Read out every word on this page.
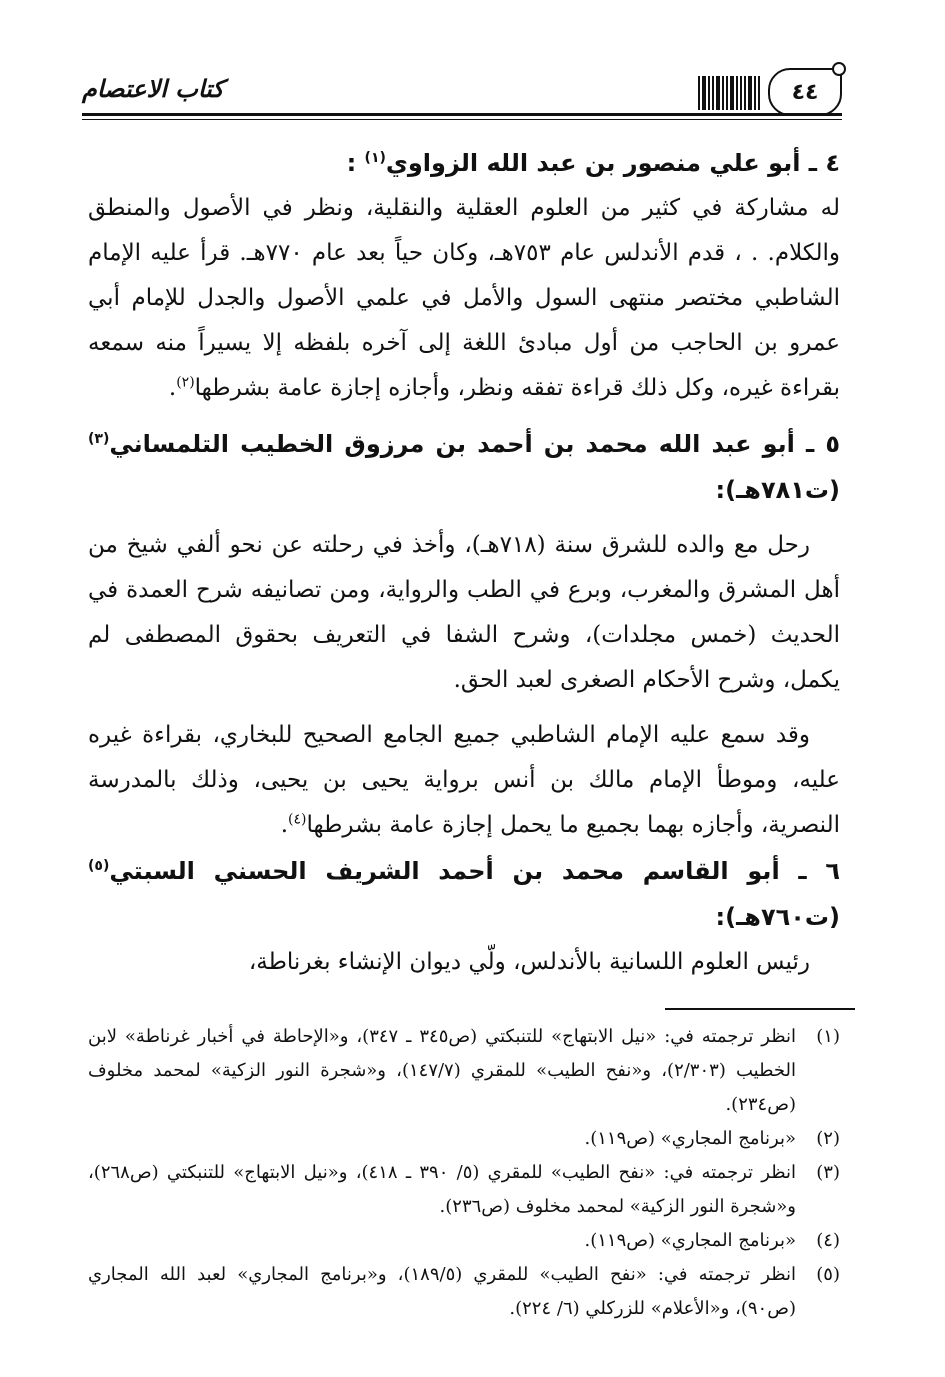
٤٤
كتاب الاعتصام

٤ ـ أبو علي منصور بن عبد الله الزواوي$^{(١)}$ :

له مشاركة في كثير من العلوم العقلية والنقلية، ونظر في الأصول والمنطق والكلام. . ، قدم الأندلس عام ٧٥٣هـ، وكان حياً بعد عام ٧٧٠هـ. قرأ عليه الإمام الشاطبي مختصر منتهى السول والأمل في علمي الأصول والجدل للإمام أبي عمرو بن الحاجب من أول مبادئ اللغة إلى آخره بلفظه إلا يسيراً منه سمعه بقراءة غيره، وكل ذلك قراءة تفقه ونظر، وأجازه إجازة عامة بشرطها$^{(٢)}$.

٥ ـ أبو عبد الله محمد بن أحمد بن مرزوق الخطيب التلمساني$^{(٣)}$ (ت٧٨١هـ):

رحل مع والده للشرق سنة (٧١٨هـ)، وأخذ في رحلته عن نحو ألفي شيخ من أهل المشرق والمغرب، وبرع في الطب والرواية، ومن تصانيفه شرح العمدة في الحديث (خمس مجلدات)، وشرح الشفا في التعريف بحقوق المصطفى لم يكمل، وشرح الأحكام الصغرى لعبد الحق.

وقد سمع عليه الإمام الشاطبي جميع الجامع الصحيح للبخاري، بقراءة غيره عليه، وموطأ الإمام مالك بن أنس برواية يحيى بن يحيى، وذلك بالمدرسة النصرية، وأجازه بهما بجميع ما يحمل إجازة عامة بشرطها$^{(٤)}$.

٦ ـ أبو القاسم محمد بن أحمد الشريف الحسني السبتي$^{(٥)}$ (ت٧٦٠هـ):

رئيس العلوم اللسانية بالأندلس، ولّي ديوان الإنشاء بغرناطة،

(١)
انظر ترجمته في: «نيل الابتهاج» للتنبكتي (ص٣٤٥ ـ ٣٤٧)، و«الإحاطة في أخبار غرناطة» لابن الخطيب (٢/٣٠٣)، و«نفح الطيب» للمقري (١٤٧/٧)، و«شجرة النور الزكية» لمحمد مخلوف (ص٢٣٤).
(٢)
«برنامج المجاري» (ص١١٩).
(٣)
انظر ترجمته في: «نفح الطيب» للمقري (٥/ ٣٩٠ ـ ٤١٨)، و«نيل الابتهاج» للتنبكتي (ص٢٦٨)، و«شجرة النور الزكية» لمحمد مخلوف (ص٢٣٦).
(٤)
«برنامج المجاري» (ص١١٩).
(٥)
انظر ترجمته في: «نفح الطيب» للمقري (١٨٩/٥)، و«برنامج المجاري» لعبد الله المجاري (ص٩٠)، و«الأعلام» للزركلي (٦/ ٢٢٤).
